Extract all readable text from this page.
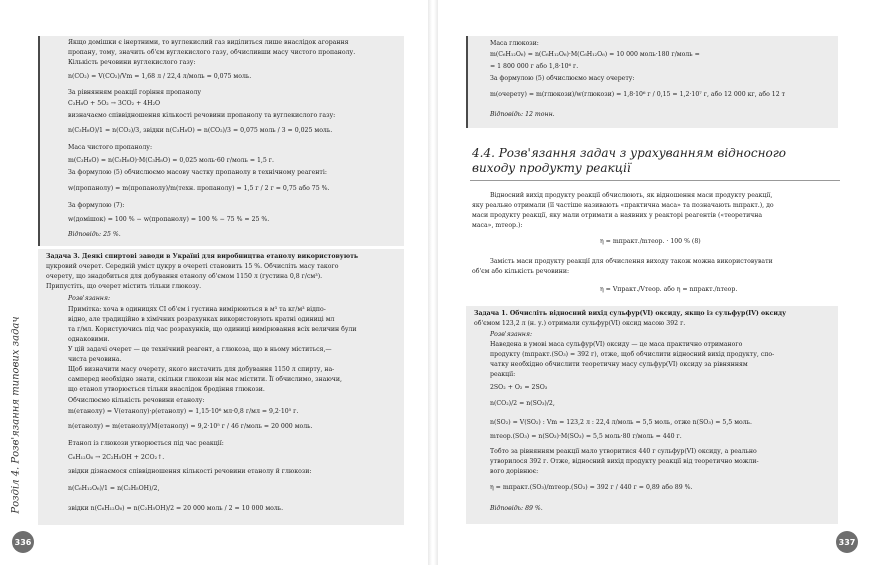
Якщо домішки є інертними, то вуглекислий газ виділиться лише внаслідок агорання
пропану, тому, значить об'єм вуглекислого газу, обчисливши масу чистого пропанолу.
Кількість речовини вуглекислого газу:
n(CO₂) = V(CO₂)/Vm = 1,68 л / 22,4 л/моль = 0,075 моль.
За рівнянням реакції горіння пропанолу
C₃H₈O + 5O₂ → 3CO₂ + 4H₂O
визначаємо співвідношення кількості речовини пропанолу та вуглекислого газу:
n(C₃H₈O)/1 = n(CO₂)/3, звідки n(C₃H₈O) = n(CO₂)/3 = 0,075 моль / 3 = 0,025 моль.
Маса чистого пропанолу:
m(C₃H₈O) = n(C₃H₈O)·M(C₃H₈O) = 0,025 моль·60 г/моль = 1,5 г.
За формулою (5) обчислюємо масову частку пропанолу в технічному реагенті:
w(пропанолу) = m(пропанолу)/m(техн. пропанолу) = 1,5 г / 2 г = 0,75 або 75 %.
За формулою (7):
w(домішок) = 100 % − w(пропанолу) = 100 % − 75 % = 25 %.
Відповідь: 25 %.
Задача 3. Деякі спиртові заводи в Україні для виробництва етанолу використовують
цукровий очерет. Середній уміст цукру в очереті становить 15 %. Обчисліть масу такого
очерету, що знадобиться для добування етанолу об'ємом 1150 л (густина 0,8 г/см³).
Припустіть, що очерет містить тільки глюкозу.
Розв'язання:
Примітка: хоча в одиницях СІ об'єм і густина вимірюються в м³ та кг/м³ відпо-
відно, але традиційно в хімічних розрахунках використовують кратні одиниці мл
та г/мл. Користуючись під час розрахунків, що одиниці вимірювання всіх величин були
однаковими.
У цій задачі очерет — це технічний реагент, а глюкоза, що в ньому міститься,—
чиста речовина.
Щоб визначити масу очерету, якого вистачить для добування 1150 л спирту, на-
самперед необхідно знати, скільки глюкози він має містити. Її обчислимо, знаючи,
що етанол утворюється тільки внаслідок бродіння глюкози.
Обчислюємо кількість речовини етанолу:
m(етанолу) = V(етанолу)·ρ(етанолу) = 1,15·10⁶ мл·0,8 г/мл = 9,2·10⁵ г.
n(етанолу) = m(етанолу)/M(етанолу) = 9,2·10⁵ г / 46 г/моль = 20 000 моль.
Етанол із глюкози утворюється під час реакції:
C₆H₁₂O₆ → 2C₂H₅OH + 2CO₂↑.
звідки дізнаємося співвідношення кількості речовини етанолу й глюкози:
n(C₆H₁₂O₆)/1 = n(C₂H₅OH)/2,
звідки n(C₆H₁₂O₆) = n(C₂H₅OH)/2 = 20 000 моль / 2 = 10 000 моль.
Розділ 4. Розв'язання типових задач
336
Маса глюкози:
m(C₆H₁₂O₆) = n(C₆H₁₂O₆)·M(C₆H₁₂O₆) = 10 000 моль·180 г/моль =
= 1 800 000 г або 1,8·10⁶ г.
За формулою (5) обчислюємо масу очерету:
m(очерету) = m(глюкози)/w(глюкози) = 1,8·10⁶ г / 0,15 = 1,2·10⁷ г, або 12 000 кг, або 12 т
Відповідь: 12 тонн.
4.4. Розв'язання задач з урахуванням відносного виходу продукту реакції
Відносний вихід продукту реакції обчислюють, як відношення маси продукту реакції,
яку реально отримали (її частіше називають «практична маса» та позначають mпракт.), до
маси продукту реакції, яку мали отримати а наявних у реакторі реагентів («теоретична
маса», mтеор.):
η = mпракт./mтеор. · 100 % (8)
Замість маси продукту реакції для обчислення виходу також можна використовувати
об'єм або кількість речовини:
η = Vпракт./Vтеор. або η = nпракт./nтеор.
Задача 1. Обчисліть відносний вихід сульфур(VI) оксиду, якщо із сульфур(IV) оксиду
об'ємом 123,2 л (н. у.) отримали сульфур(VI) оксид масою 392 г.
Розв'язання:
Наведена в умові маса сульфур(VI) оксиду — це маса практично отриманого
продукту (mпракт.(SO₃) = 392 г), отже, щоб обчислити відносний вихід продукту, спо-
чатку необхідно обчислити теоретичну масу сульфур(VI) оксиду за рівнянням
реакції:
2SO₂ + O₂ = 2SO₃
n(CO₂)/2 = n(SO₃)/2,
n(SO₂) = V(SO₂) : Vm = 123,2 л : 22,4 л/моль = 5,5 моль, отже n(SO₃) = 5,5 моль.
mтеор.(SO₃) = n(SO₃)·M(SO₃) = 5,5 моль·80 г/моль = 440 г.
Тобто за рівнянням реакції мало утворитися 440 г сульфур(VI) оксиду, а реально
утворилося 392 г. Отже, відносний вихід продукту реакції від теоретично можли-
вого дорівнює:
η = mпракт.(SO₃)/mтеор.(SO₃) = 392 г / 440 г = 0,89 або 89 %.
Відповідь: 89 %.
337
